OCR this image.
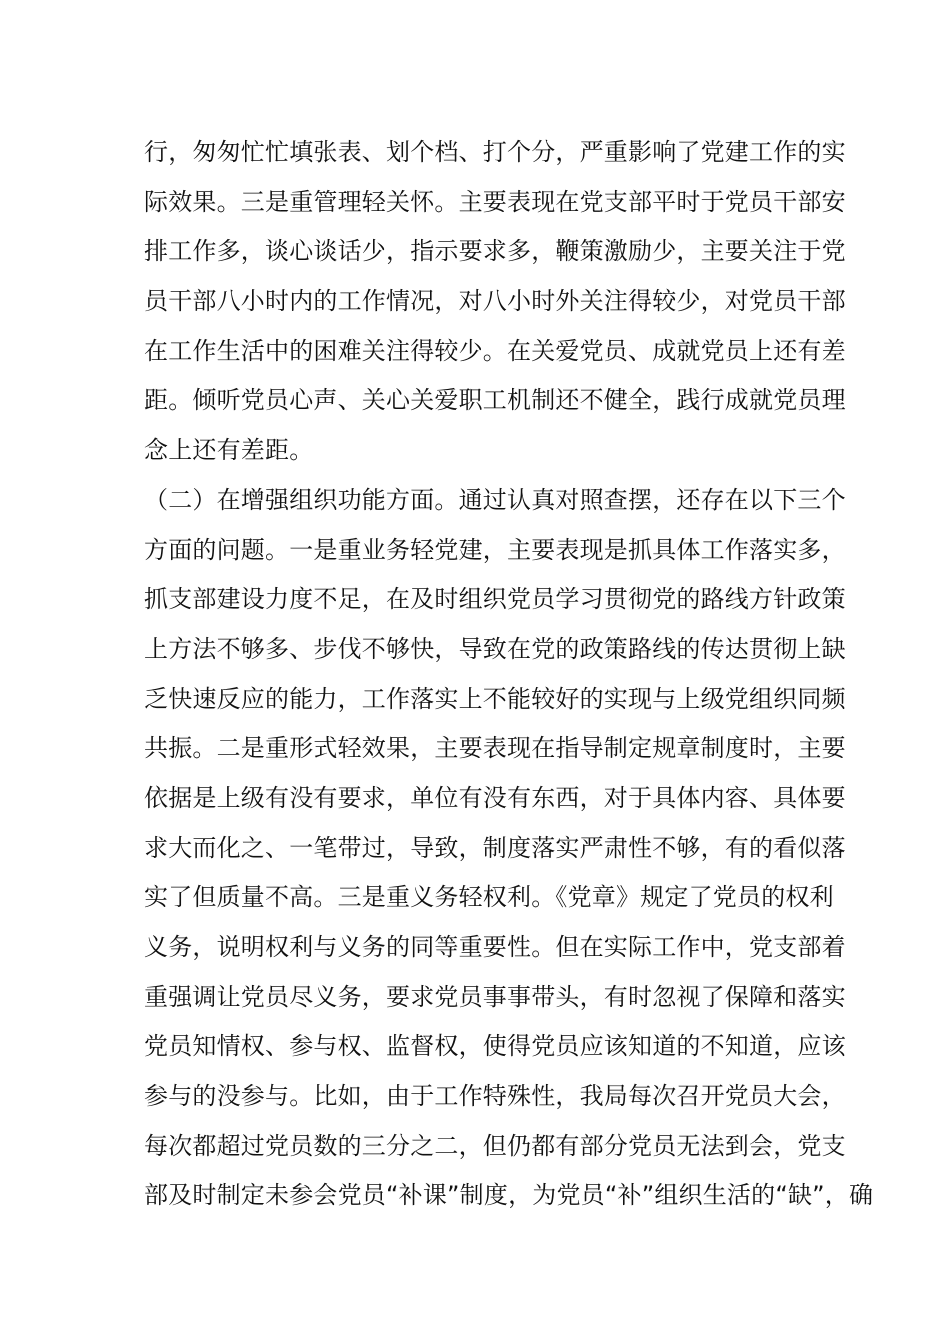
行，匆匆忙忙填张表、划个档、打个分，严重影响了党建工作的实
际效果。三是重管理轻关怀。主要表现在党支部平时于党员干部安
排工作多，谈心谈话少，指示要求多，鞭策激励少，主要关注于党
员干部八小时内的工作情况，对八小时外关注得较少，对党员干部
在工作生活中的困难关注得较少。在关爱党员、成就党员上还有差
距。倾听党员心声、关心关爱职工机制还不健全，践行成就党员理
念上还有差距。
（二）在增强组织功能方面。通过认真对照查摆，还存在以下三个
方面的问题。一是重业务轻党建，主要表现是抓具体工作落实多，
抓支部建设力度不足，在及时组织党员学习贯彻党的路线方针政策
上方法不够多、步伐不够快，导致在党的政策路线的传达贯彻上缺
乏快速反应的能力，工作落实上不能较好的实现与上级党组织同频
共振。二是重形式轻效果，主要表现在指导制定规章制度时，主要
依据是上级有没有要求，单位有没有东西，对于具体内容、具体要
求大而化之、一笔带过，导致，制度落实严肃性不够，有的看似落
实了但质量不高。三是重义务轻权利。《党章》规定了党员的权利
义务，说明权利与义务的同等重要性。但在实际工作中，党支部着
重强调让党员尽义务，要求党员事事带头，有时忽视了保障和落实
党员知情权、参与权、监督权，使得党员应该知道的不知道，应该
参与的没参与。比如，由于工作特殊性，我局每次召开党员大会，
每次都超过党员数的三分之二，但仍都有部分党员无法到会，党支
部及时制定未参会党员“补课”制度，为党员“补”组织生活的“缺”，确
